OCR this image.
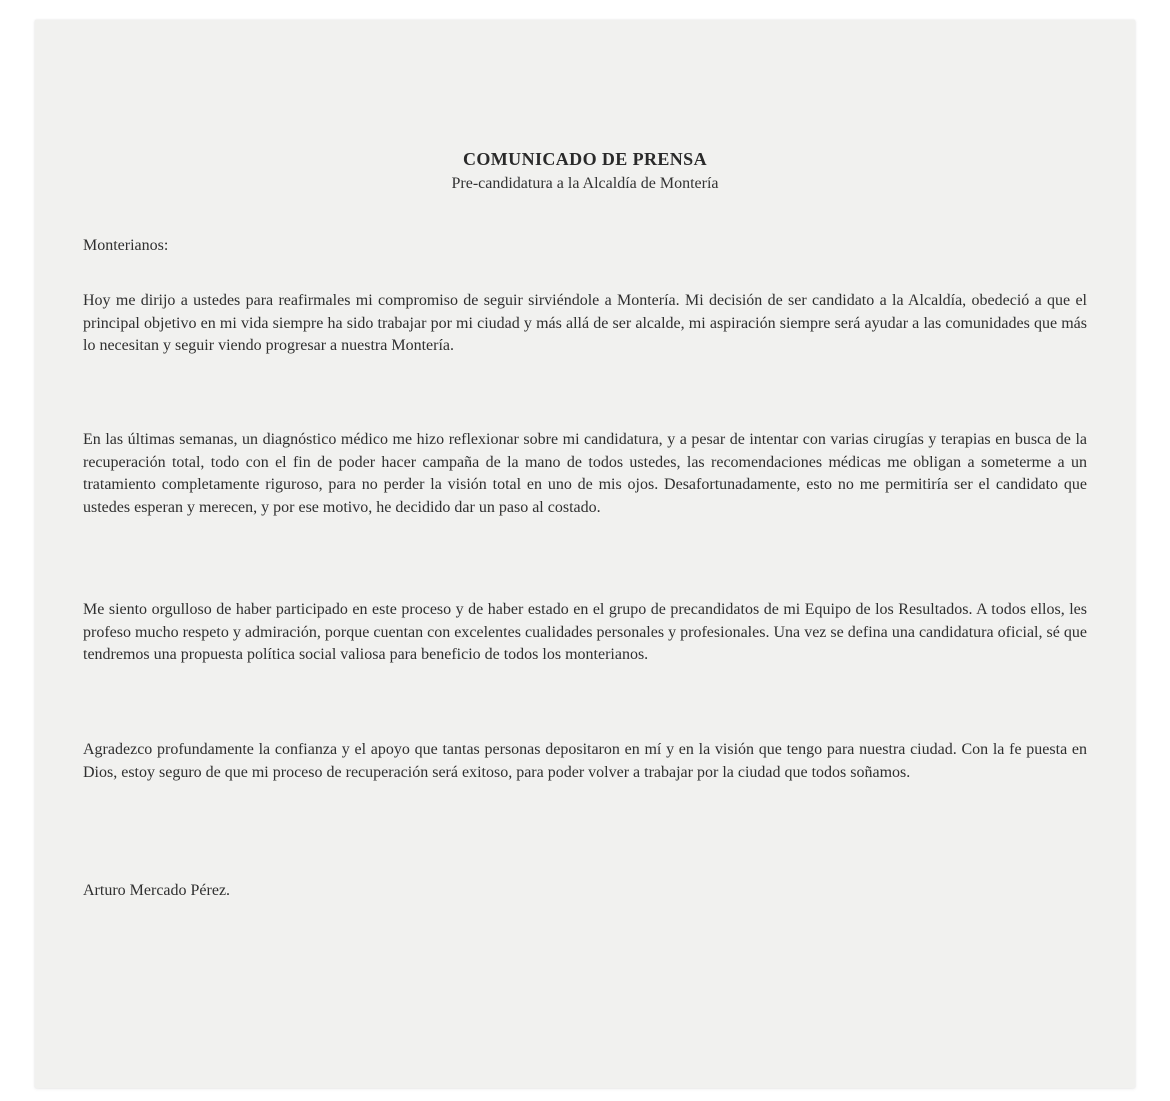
COMUNICADO DE PRENSA
Pre-candidatura a la Alcaldía de Montería
Monterianos:

Hoy me dirijo a ustedes para reafirmales mi compromiso de seguir sirviéndole a Montería. Mi decisión de ser candidato a la Alcaldía, obedeció a que el principal objetivo en mi vida siempre ha sido trabajar por mi ciudad y más allá de ser alcalde, mi aspiración siempre será ayudar a las comunidades que más lo necesitan y seguir viendo progresar a nuestra Montería.

En las últimas semanas, un diagnóstico médico me hizo reflexionar sobre mi candidatura, y a pesar de intentar con varias cirugías y terapias en busca de la recuperación total, todo con el fin de poder hacer campaña de la mano de todos ustedes, las recomendaciones médicas me obligan a someterme a un tratamiento completamente riguroso, para no perder la visión total en uno de mis ojos. Desafortunadamente, esto no me permitiría ser el candidato que ustedes esperan y merecen, y por ese motivo, he decidido dar un paso al costado.

Me siento orgulloso de haber participado en este proceso y de haber estado en el grupo de precandidatos de mi Equipo de los Resultados. A todos ellos, les profeso mucho respeto y admiración, porque cuentan con excelentes cualidades personales y profesionales. Una vez se defina una candidatura oficial, sé que tendremos una propuesta política social valiosa para beneficio de todos los monterianos.

Agradezco profundamente la confianza y el apoyo que tantas personas depositaron en mí y en la visión que tengo para nuestra ciudad. Con la fe puesta en Dios, estoy seguro de que mi proceso de recuperación será exitoso, para poder volver a trabajar por la ciudad que todos soñamos.

Arturo Mercado Pérez.
